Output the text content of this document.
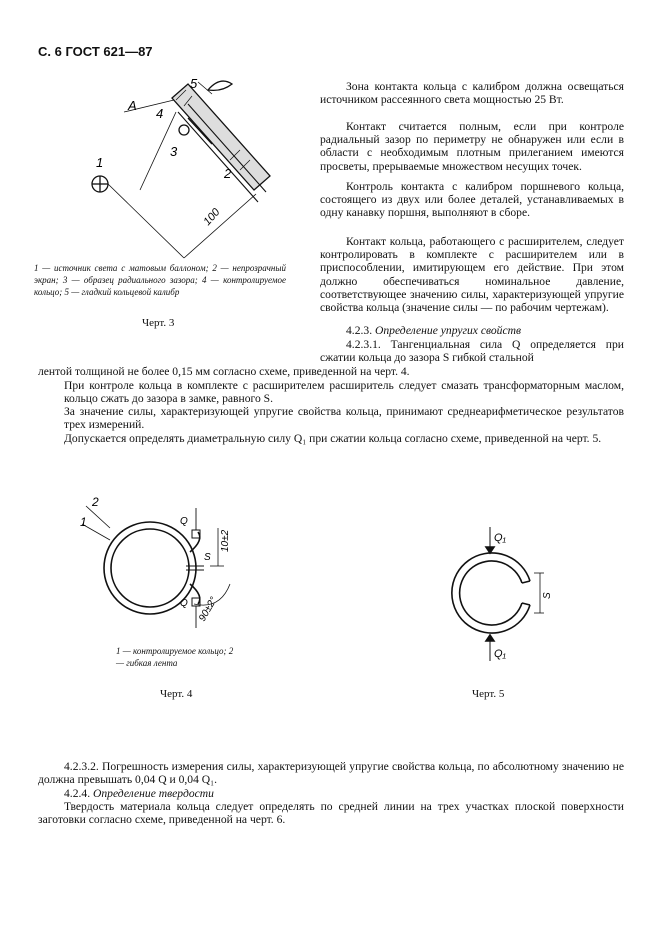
С. 6 ГОСТ 621—87
1
2
3
4
5
A
100

1 — источник света с матовым баллоном; 2 — непрозрачный экран; 3 — образец радиального зазора; 4 — контролируемое кольцо; 5 — гладкий кольцевой калибр

Черт. 3

Зона контакта кольца с калибром должна освещаться источником рассеянного света мощностью 25 Вт.

Контакт считается полным, если при контроле радиальный зазор по периметру не обнаружен или если в области с необходимым плотным прилеганием имеются просветы, прерываемые множеством несущих точек.

Контроль контакта с калибром поршневого кольца, состоящего из двух или более деталей, устанавливаемых в одну канавку поршня, выполняют в сборе.

Контакт кольца, работающего с расширителем, следует контролировать в комплекте с расширителем или в приспособлении, имитирующем его действие. При этом должно обеспечиваться номинальное давление, соответствующее значению силы, характеризующей упругие свойства кольца (значение силы — по рабочим чертежам).

4.2.3. Определение упругих свойств

4.2.3.1. Тангенциальная сила Q определяется при сжатии кольца до зазора S гибкой стальной

лентой толщиной не более 0,15 мм согласно схеме, приведенной на черт. 4.

При контроле кольца в комплекте с расширителем расширитель следует смазать трансформаторным маслом, кольцо сжать до зазора в замке, равного S.

За значение силы, характеризующей упругие свойства кольца, принимают среднеарифметическое результатов трех измерений.

Допускается определять диаметральную силу Q₁ при сжатии кольца согласно схеме, приведенной на черт. 5.

1
2
Q
Q
S
10±2
90±2°

1 — контролируемое кольцо; 2 — гибкая лента

Черт. 4
Q₁
Q₁
S
Черт. 5

4.2.3.2. Погрешность измерения силы, характеризующей упругие свойства кольца, по абсолютному значению не должна превышать 0,04 Q и 0,04 Q₁.

4.2.4. Определение твердости

Твердость материала кольца следует определять по средней линии на трех участках плоской поверхности заготовки согласно схеме, приведенной на черт. 6.
